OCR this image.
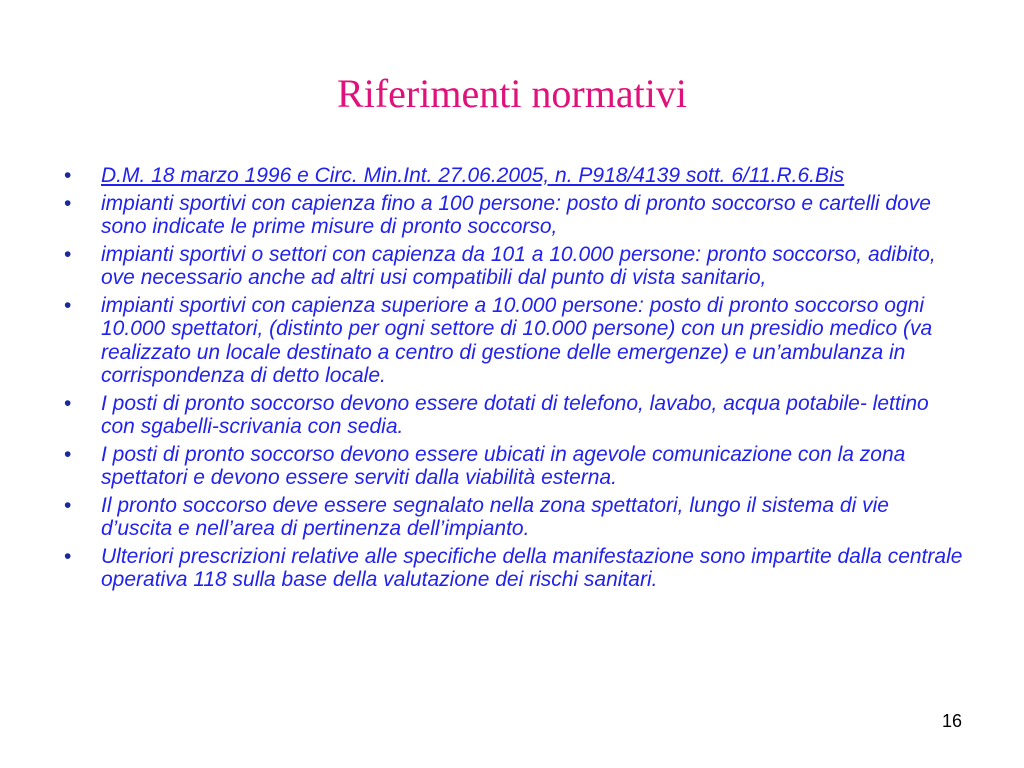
Riferimenti normativi
• D.M. 18 marzo 1996 e Circ. Min.Int. 27.06.2005, n. P918/4139 sott. 6/11.R.6.Bis
• impianti sportivi con capienza fino a 100 persone: posto di pronto soccorso e cartelli dove sono indicate le prime misure di pronto soccorso,
• impianti sportivi o settori con capienza da 101 a 10.000 persone: pronto soccorso, adibito, ove necessario anche ad altri usi compatibili dal punto di vista sanitario,
• impianti sportivi con capienza superiore a 10.000 persone: posto di pronto soccorso ogni 10.000 spettatori, (distinto per ogni settore di 10.000 persone) con un presidio medico (va realizzato un locale destinato a centro di gestione delle emergenze) e un’ambulanza in corrispondenza di detto locale.
• I posti di pronto soccorso devono essere dotati di telefono, lavabo, acqua potabile- lettino con sgabelli-scrivania con sedia.
• I posti di pronto soccorso devono essere ubicati in agevole comunicazione con la zona spettatori e devono essere serviti dalla viabilità esterna.
• Il pronto soccorso deve essere segnalato nella zona spettatori, lungo il sistema di vie d’uscita e nell’area di pertinenza dell’impianto.
• Ulteriori prescrizioni relative alle specifiche della manifestazione sono impartite dalla centrale operativa 118 sulla base della valutazione dei rischi sanitari.
16
